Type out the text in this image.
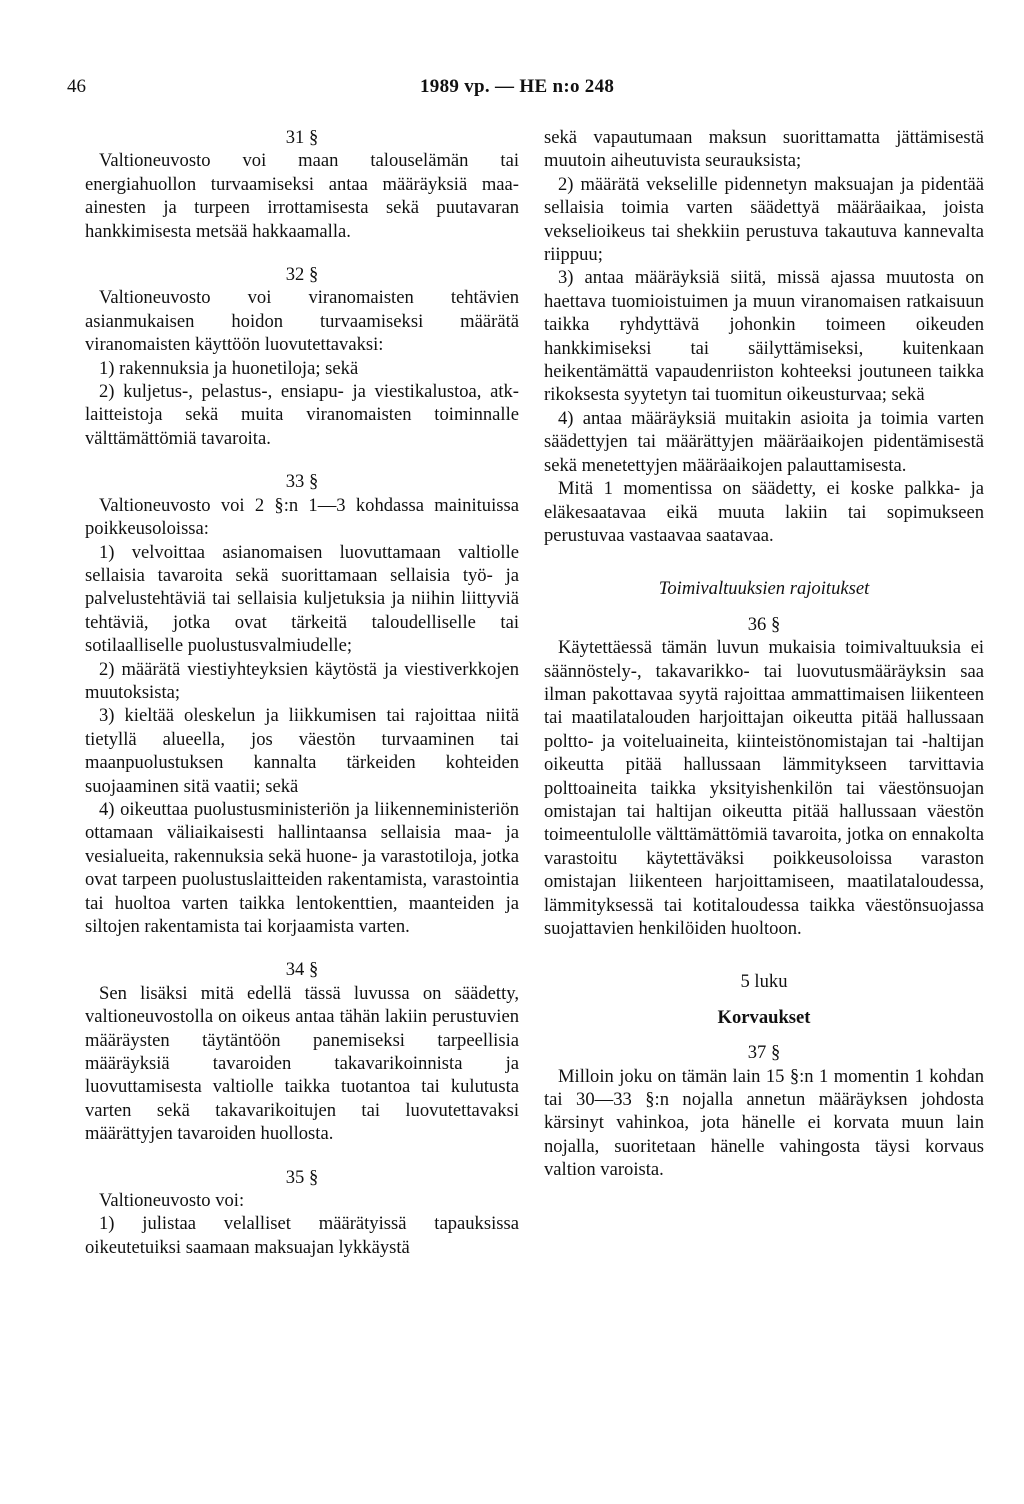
46	1989 vp. — HE n:o 248

31 §

Valtioneuvosto voi maan talouselämän tai energiahuollon turvaamiseksi antaa määräyksiä maa-ainesten ja turpeen irrottamisesta sekä puutavaran hankkimisesta metsää hakkaamalla.

32 §

Valtioneuvosto voi viranomaisten tehtävien asianmukaisen hoidon turvaamiseksi määrätä viranomaisten käyttöön luovutettavaksi:

1) rakennuksia ja huonetiloja; sekä

2) kuljetus-, pelastus-, ensiapu- ja viestikalustoa, atk-laitteistoja sekä muita viranomaisten toiminnalle välttämättömiä tavaroita.

33 §

Valtioneuvosto voi 2 §:n 1—3 kohdassa mainituissa poikkeusoloissa:

1) velvoittaa asianomaisen luovuttamaan valtiolle sellaisia tavaroita sekä suorittamaan sellaisia työ- ja palvelustehtäviä tai sellaisia kuljetuksia ja niihin liittyviä tehtäviä, jotka ovat tärkeitä taloudelliselle tai sotilaalliselle puolustusvalmiudelle;

2) määrätä viestiyhteyksien käytöstä ja viestiverkkojen muutoksista;

3) kieltää oleskelun ja liikkumisen tai rajoittaa niitä tietyllä alueella, jos väestön turvaaminen tai maanpuolustuksen kannalta tärkeiden kohteiden suojaaminen sitä vaatii; sekä

4) oikeuttaa puolustusministeriön ja liikenneministeriön ottamaan väliaikaisesti hallintaansa sellaisia maa- ja vesialueita, rakennuksia sekä huone- ja varastotiloja, jotka ovat tarpeen puolustuslaitteiden rakentamista, varastointia tai huoltoa varten taikka lentokenttien, maanteiden ja siltojen rakentamista tai korjaamista varten.

34 §

Sen lisäksi mitä edellä tässä luvussa on säädetty, valtioneuvostolla on oikeus antaa tähän lakiin perustuvien määräysten täytäntöön panemiseksi tarpeellisia määräyksiä tavaroiden takavarikoinnista ja luovuttamisesta valtiolle taikka tuotantoa tai kulutusta varten sekä takavarikoitujen tai luovutettavaksi määrättyjen tavaroiden huollosta.

35 §

Valtioneuvosto voi:

1) julistaa velalliset määrätyissä tapauksissa oikeutetuiksi saamaan maksuajan lykkäystä

sekä vapautumaan maksun suorittamatta jättämisestä muutoin aiheutuvista seurauksista;

2) määrätä vekselille pidennetyn maksuajan ja pidentää sellaisia toimia varten säädettyä määräaikaa, joista vekselioikeus tai shekkiin perustuva takautuva kannevalta riippuu;

3) antaa määräyksiä siitä, missä ajassa muutosta on haettava tuomioistuimen ja muun viranomaisen ratkaisuun taikka ryhdyttävä johonkin toimeen oikeuden hankkimiseksi tai säilyttämiseksi, kuitenkaan heikentämättä vapaudenriiston kohteeksi joutuneen taikka rikoksesta syytetyn tai tuomitun oikeusturvaa; sekä

4) antaa määräyksiä muitakin asioita ja toimia varten säädettyjen tai määrättyjen määräaikojen pidentämisestä sekä menetettyjen määräaikojen palauttamisesta.

Mitä 1 momentissa on säädetty, ei koske palkka- ja eläkesaatavaa eikä muuta lakiin tai sopimukseen perustuvaa vastaavaa saatavaa.

Toimivaltuuksien rajoitukset

36 §

Käytettäessä tämän luvun mukaisia toimivaltuuksia ei säännöstely-, takavarikko- tai luovutusmääräyksin saa ilman pakottavaa syytä rajoittaa ammattimaisen liikenteen tai maatilatalouden harjoittajan oikeutta pitää hallussaan poltto- ja voiteluaineita, kiinteistönomistajan tai -haltijan oikeutta pitää hallussaan lämmitykseen tarvittavia polttoaineita taikka yksityishenkilön tai väestönsuojan omistajan tai haltijan oikeutta pitää hallussaan väestön toimeentulolle välttämättömiä tavaroita, jotka on ennakolta varastoitu käytettäväksi poikkeusoloissa varaston omistajan liikenteen harjoittamiseen, maatilataloudessa, lämmityksessä tai kotitaloudessa taikka väestönsuojassa suojattavien henkilöiden huoltoon.

5 luku

Korvaukset

37 §

Milloin joku on tämän lain 15 §:n 1 momentin 1 kohdan tai 30—33 §:n nojalla annetun määräyksen johdosta kärsinyt vahinkoa, jota hänelle ei korvata muun lain nojalla, suoritetaan hänelle vahingosta täysi korvaus valtion varoista.
